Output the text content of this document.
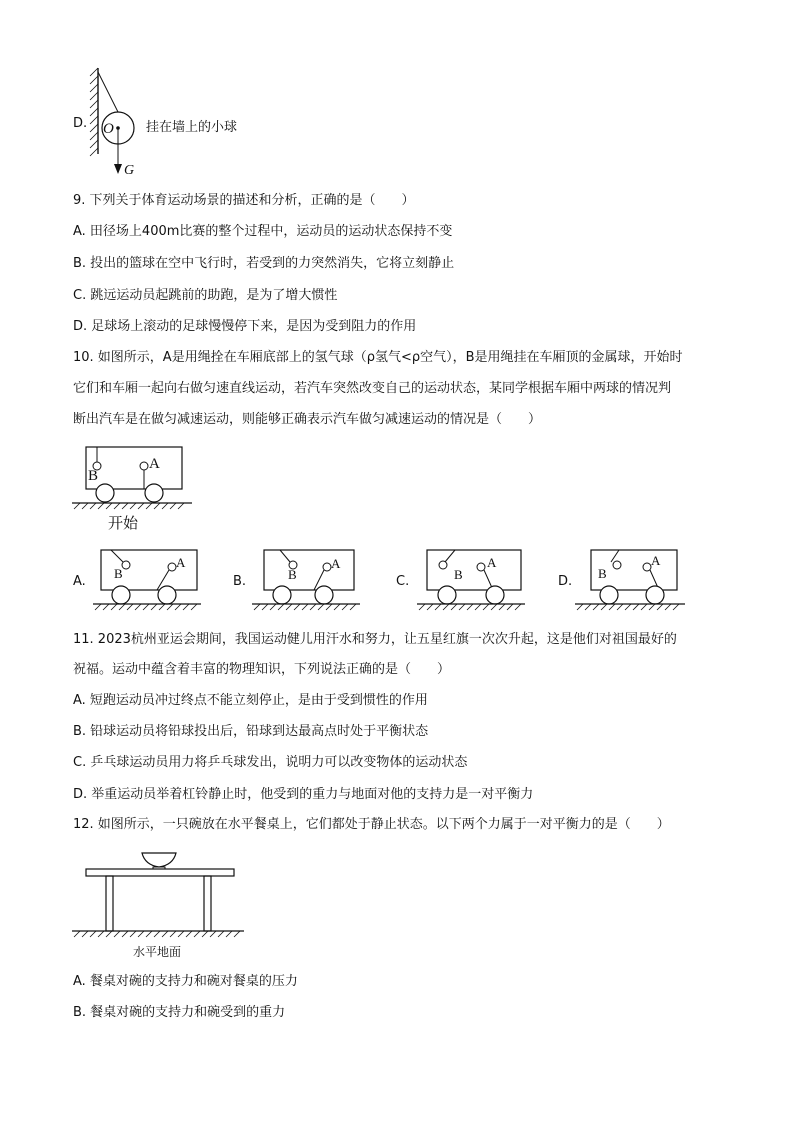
D. O
G
挂在墙上的小球
9. 下列关于体育运动场景的描述和分析，正确的是（　　）
A. 田径场上400m比赛的整个过程中，运动员的运动状态保持不变
B. 投出的篮球在空中飞行时，若受到的力突然消失，它将立刻静止
C. 跳远运动员起跳前的助跑，是为了增大惯性
D. 足球场上滚动的足球慢慢停下来，是因为受到阻力的作用
10. 如图所示，A是用绳拴在车厢底部上的氢气球（ρ氢气<ρ空气），B是用绳挂在车厢顶的金属球，开始时
它们和车厢一起向右做匀速直线运动，若汽车突然改变自己的运动状态，某同学根据车厢中两球的情况判
断出汽车是在做匀减速运动，则能够正确表示汽车做匀减速运动的情况是（　　）
B
A
开始
A.
B
A
B.	B
A
C.	B
A
D.
B
A
11. 2023杭州亚运会期间，我国运动健儿用汗水和努力，让五星红旗一次次升起，这是他们对祖国最好的
祝福。运动中蕴含着丰富的物理知识，下列说法正确的是（　　）
A. 短跑运动员冲过终点不能立刻停止，是由于受到惯性的作用
B. 铅球运动员将铅球投出后，铅球到达最高点时处于平衡状态
C. 乒乓球运动员用力将乒乓球发出，说明力可以改变物体的运动状态
D. 举重运动员举着杠铃静止时，他受到的重力与地面对他的支持力是一对平衡力
12. 如图所示，一只碗放在水平餐桌上，它们都处于静止状态。以下两个力属于一对平衡力的是（　　）
水平地面
A. 餐桌对碗的支持力和碗对餐桌的压力
B. 餐桌对碗的支持力和碗受到的重力
